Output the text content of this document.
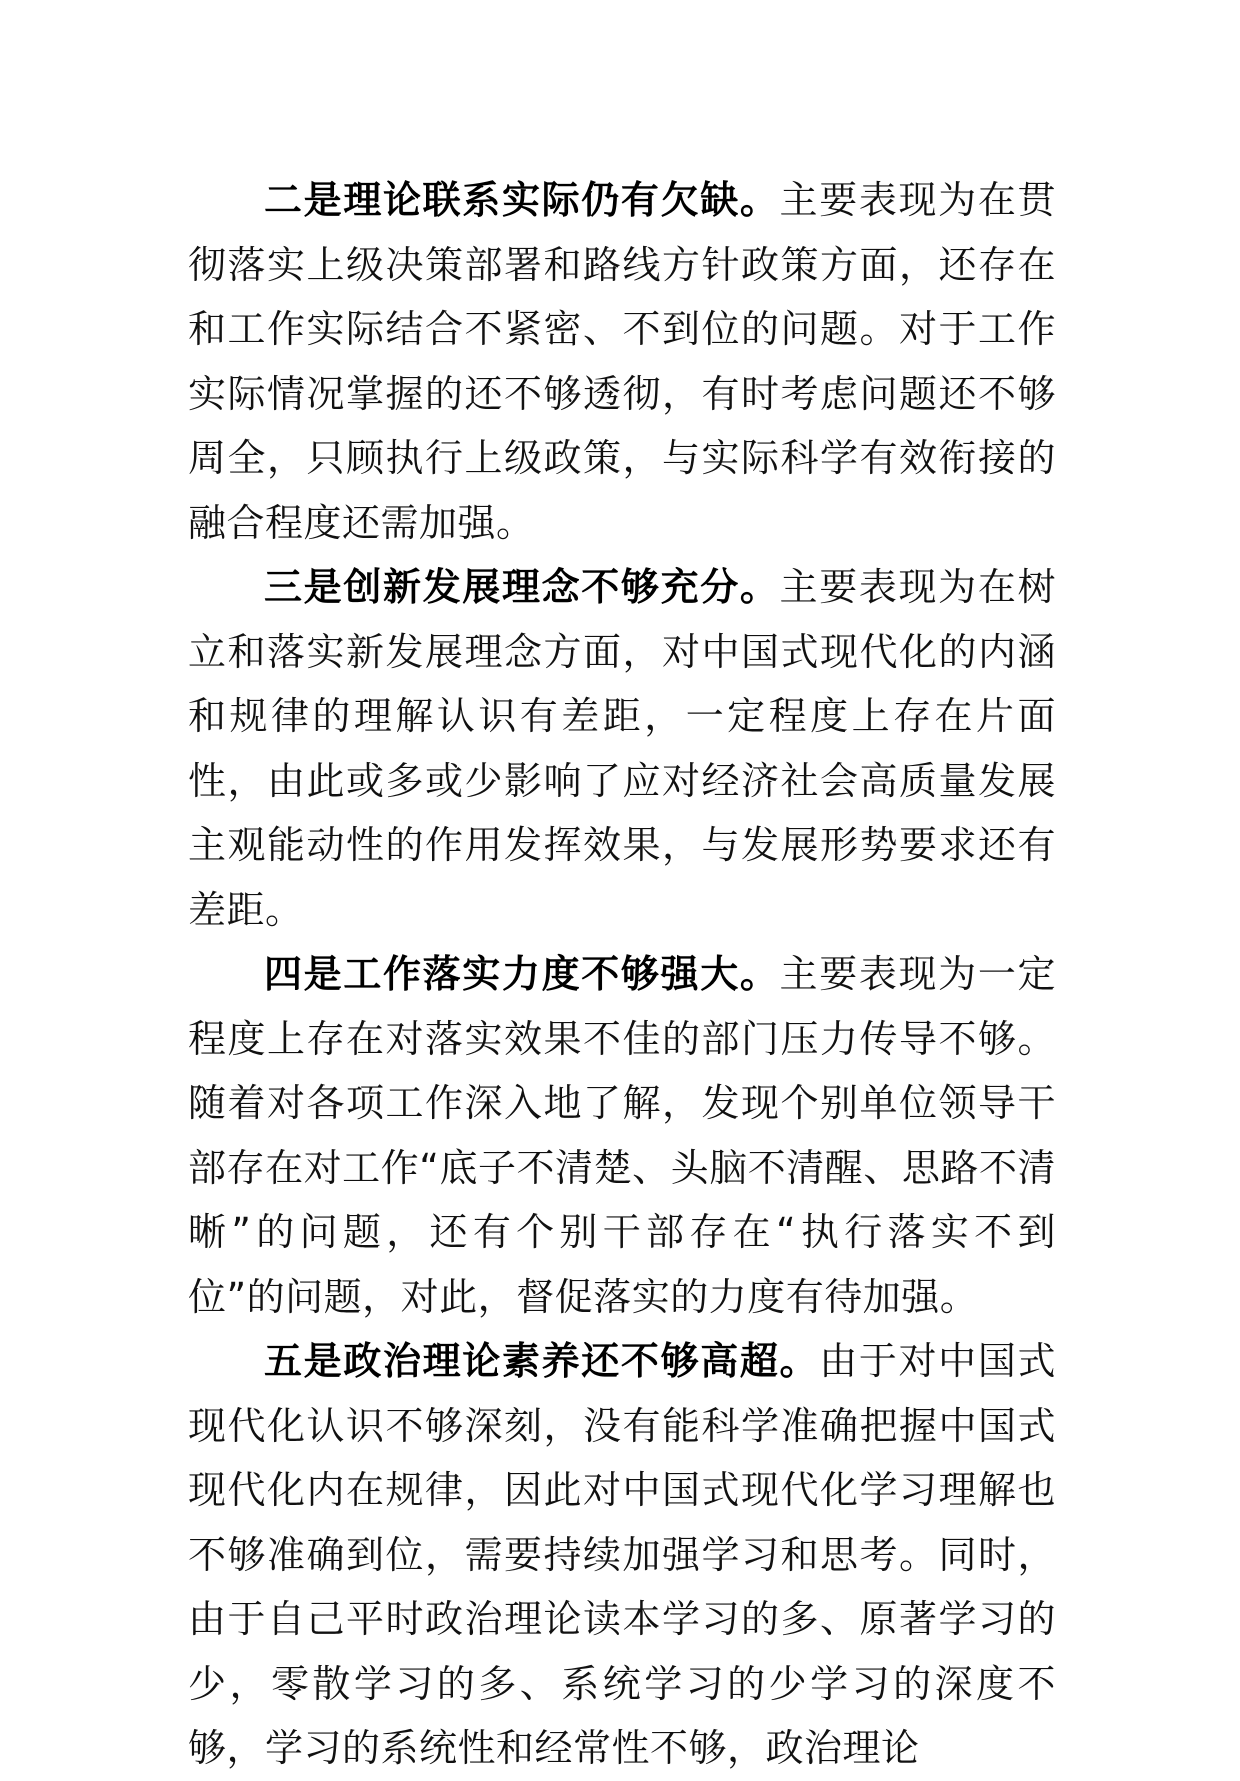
二是理论联系实际仍有欠缺。主要表现为在贯彻落实上级决策部署和路线方针政策方面，还存在和工作实际结合不紧密、不到位的问题。对于工作实际情况掌握的还不够透彻，有时考虑问题还不够周全，只顾执行上级政策，与实际科学有效衔接的融合程度还需加强。

三是创新发展理念不够充分。主要表现为在树立和落实新发展理念方面，对中国式现代化的内涵和规律的理解认识有差距，一定程度上存在片面性，由此或多或少影响了应对经济社会高质量发展主观能动性的作用发挥效果，与发展形势要求还有差距。

四是工作落实力度不够强大。主要表现为一定程度上存在对落实效果不佳的部门压力传导不够。随着对各项工作深入地了解，发现个别单位领导干部存在对工作“底子不清楚、头脑不清醒、思路不清晰”的问题，还有个别干部存在“执行落实不到位”的问题，对此，督促落实的力度有待加强。

五是政治理论素养还不够高超。由于对中国式现代化认识不够深刻，没有能科学准确把握中国式现代化内在规律，因此对中国式现代化学习理解也不够准确到位，需要持续加强学习和思考。同时，由于自己平时政治理论读本学习的多、原著学习的少，零散学习的多、系统学习的少学习的深度不够，学习的系统性和经常性不够，政治理论
